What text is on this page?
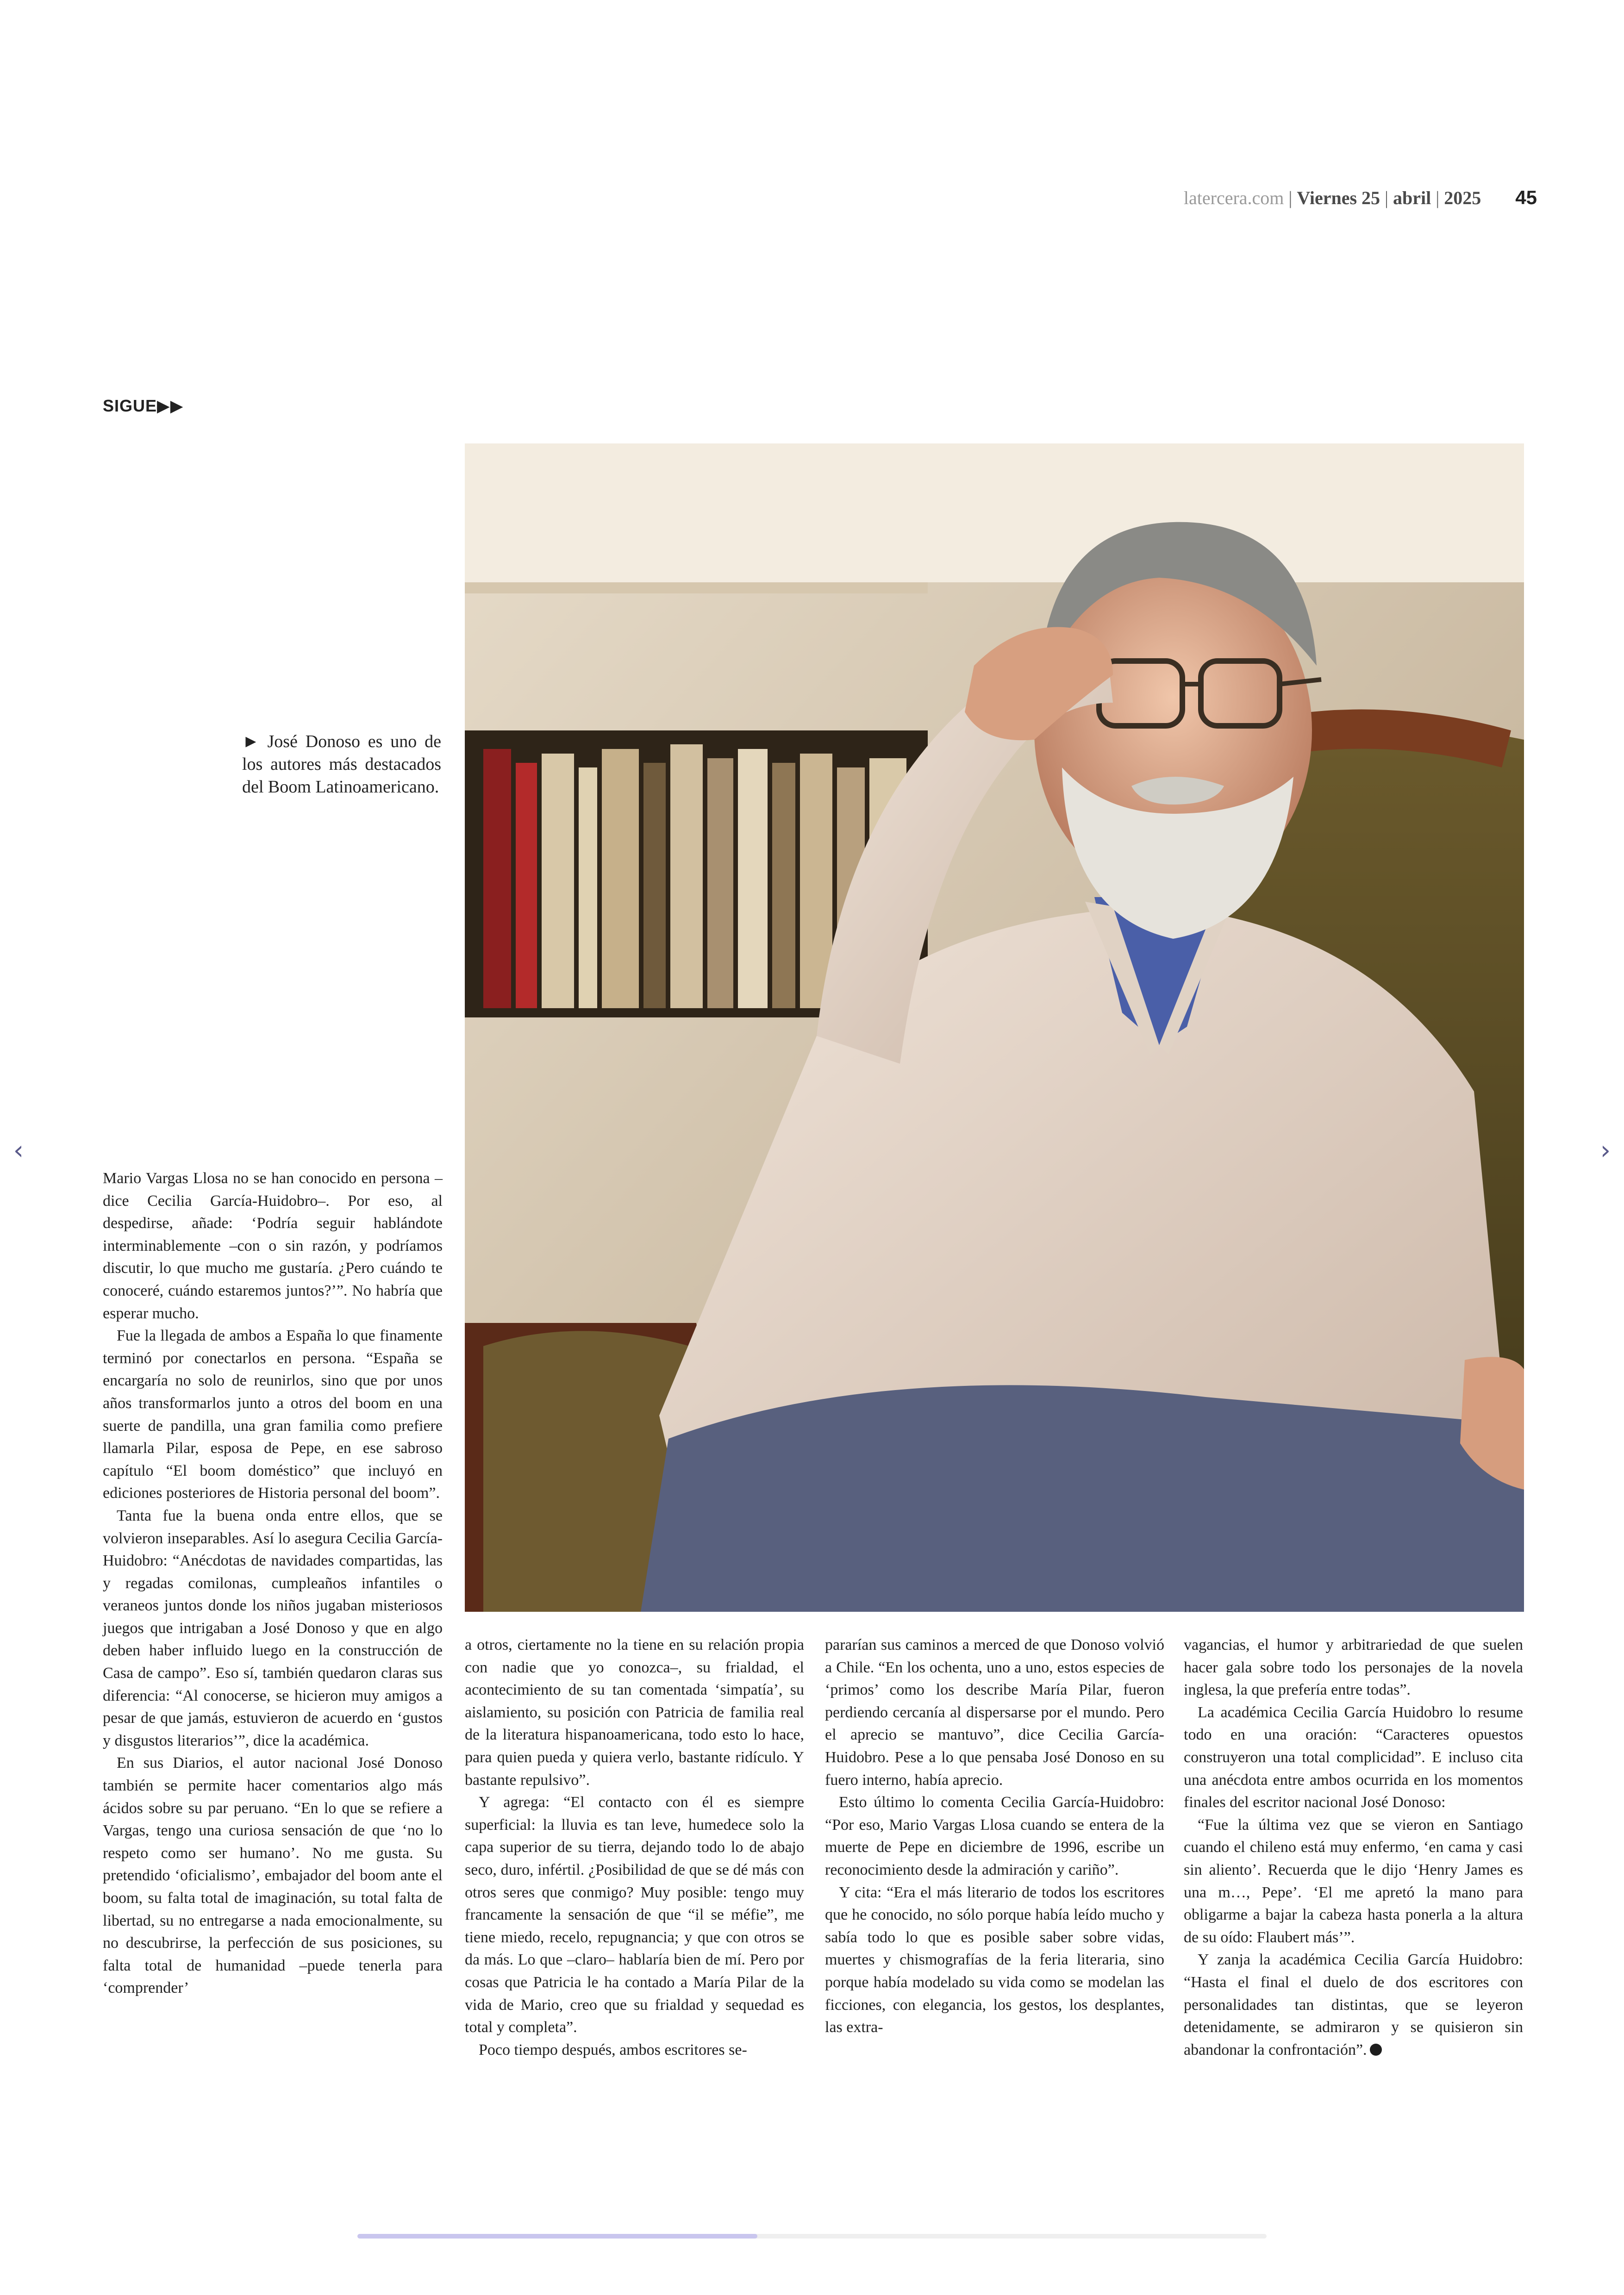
latercera.com | Viernes 25 | abril | 2025 45
SIGUE▶▶
► José Donoso es uno de los autores más destacados del Boom Latinoamericano.

Mario Vargas Llosa no se han conocido en persona –dice Cecilia García-Huidobro–. Por eso, al despedirse, añade: ‘Podría seguir hablándote interminablemente –con o sin razón, y podríamos discutir, lo que mucho me gustaría. ¿Pero cuándo te conoceré, cuándo estaremos juntos?’”. No habría que esperar mucho.

Fue la llegada de ambos a España lo que finamente terminó por conectarlos en persona. “España se encargaría no solo de reunirlos, sino que por unos años transformarlos junto a otros del boom en una suerte de pandilla, una gran familia como prefiere llamarla Pilar, esposa de Pepe, en ese sabroso capítulo “El boom doméstico” que incluyó en ediciones posteriores de Historia personal del boom”.

Tanta fue la buena onda entre ellos, que se volvieron inseparables. Así lo asegura Cecilia García-Huidobro: “Anécdotas de navidades compartidas, las y regadas comilonas, cumpleaños infantiles o veraneos juntos donde los niños jugaban misteriosos juegos que intrigaban a José Donoso y que en algo deben haber influido luego en la construcción de Casa de campo”. Eso sí, también quedaron claras sus diferencia: “Al conocerse, se hicieron muy amigos a pesar de que jamás, estuvieron de acuerdo en ‘gustos y disgustos literarios’”, dice la académica.

En sus Diarios, el autor nacional José Donoso también se permite hacer comentarios algo más ácidos sobre su par peruano. “En lo que se refiere a Vargas, tengo una curiosa sensación de que ‘no lo respeto como ser humano’. No me gusta. Su pretendido ‘oficialismo’, embajador del boom ante el boom, su falta total de imaginación, su total falta de libertad, su no entregarse a nada emocionalmente, su no descubrirse, la perfección de sus posiciones, su falta total de humanidad –puede tenerla para ‘comprender’

a otros, ciertamente no la tiene en su relación propia con nadie que yo conozca–, su frialdad, el acontecimiento de su tan comentada ‘simpatía’, su aislamiento, su posición con Patricia de familia real de la literatura hispanoamericana, todo esto lo hace, para quien pueda y quiera verlo, bastante ridículo. Y bastante repulsivo”.

Y agrega: “El contacto con él es siempre superficial: la lluvia es tan leve, humedece solo la capa superior de su tierra, dejando todo lo de abajo seco, duro, infértil. ¿Posibilidad de que se dé más con otros seres que conmigo? Muy posible: tengo muy francamente la sensación de que “il se méfie”, me tiene miedo, recelo, repugnancia; y que con otros se da más. Lo que –claro– hablaría bien de mí. Pero por cosas que Patricia le ha contado a María Pilar de la vida de Mario, creo que su frialdad y sequedad es total y completa”.

Poco tiempo después, ambos escritores se-

pararían sus caminos a merced de que Donoso volvió a Chile. “En los ochenta, uno a uno, estos especies de ‘primos’ como los describe María Pilar, fueron perdiendo cercanía al dispersarse por el mundo. Pero el aprecio se mantuvo”, dice Cecilia García-Huidobro. Pese a lo que pensaba José Donoso en su fuero interno, había aprecio.

Esto último lo comenta Cecilia García-Huidobro: “Por eso, Mario Vargas Llosa cuando se entera de la muerte de Pepe en diciembre de 1996, escribe un reconocimiento desde la admiración y cariño”.

Y cita: “Era el más literario de todos los escritores que he conocido, no sólo porque había leído mucho y sabía todo lo que es posible saber sobre vidas, muertes y chismografías de la feria literaria, sino porque había modelado su vida como se modelan las ficciones, con elegancia, los gestos, los desplantes, las extra-

vagancias, el humor y arbitrariedad de que suelen hacer gala sobre todo los personajes de la novela inglesa, la que prefería entre todas”.

La académica Cecilia García Huidobro lo resume todo en una oración: “Caracteres opuestos construyeron una total complicidad”. E incluso cita una anécdota entre ambos ocurrida en los momentos finales del escritor nacional José Donoso:

“Fue la última vez que se vieron en Santiago cuando el chileno está muy enfermo, ‘en cama y casi sin aliento’. Recuerda que le dijo ‘Henry James es una m…, Pepe’. ‘El me apretó la mano para obligarme a bajar la cabeza hasta ponerla a la altura de su oído: Flaubert más’”.

Y zanja la académica Cecilia García Huidobro: “Hasta el final el duelo de dos escritores con personalidades tan distintas, que se leyeron detenidamente, se admiraron y se quisieron sin abandonar la confrontación”.

‹	›
